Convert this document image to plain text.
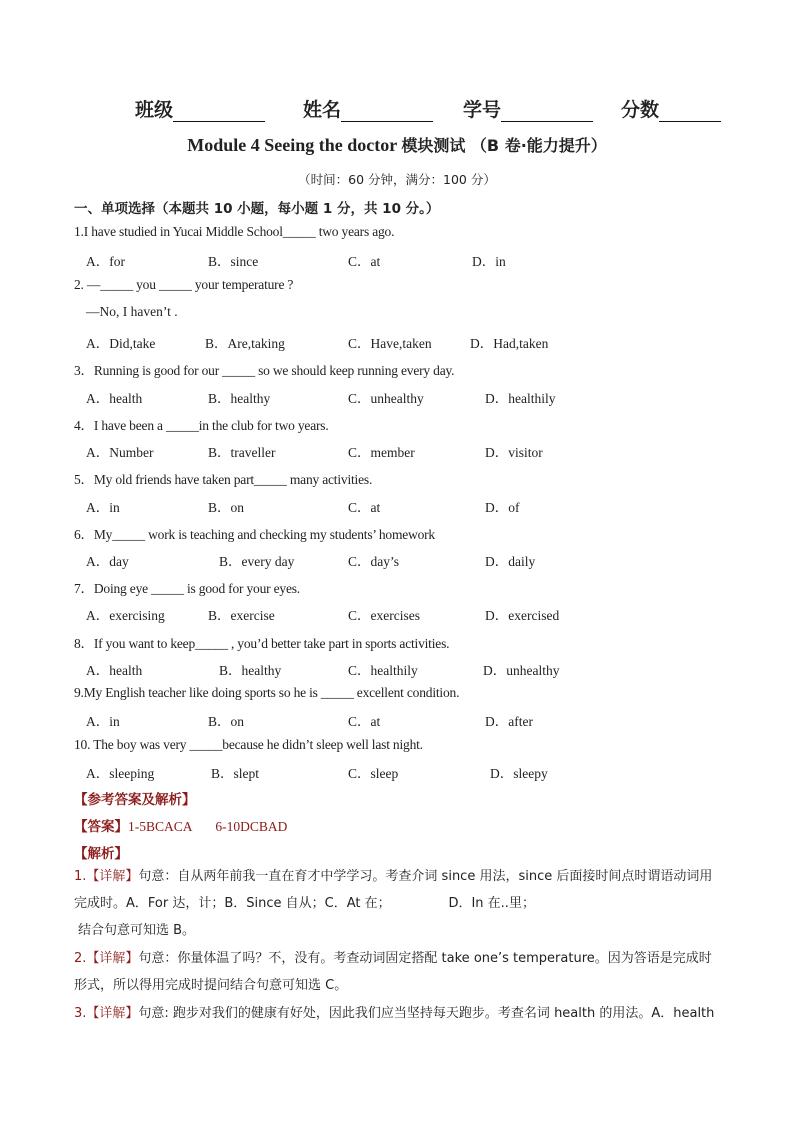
班级	姓名	学号	分数
Module 4 Seeing the doctor 模块测试 （B 卷·能力提升）
（时间：60 分钟，满分：100 分）
一、单项选择（本题共 10 小题，每小题 1 分，共 10 分。）
1.I have studied in Yucai Middle School_____ two years ago.
A．for	B．since	C．at	D．in
2. —_____ you _____ your temperature ?
—No, I haven’t .
A．Did,take	B．Are,taking	C．Have,taken	D．Had,taken
3．Running is good for our _____ so we should keep running every day.
A．health	B．healthy	C．unhealthy	D．healthily
4．I have been a _____in the club for two years.
A．Number	B．traveller	C．member	D．visitor
5．My old friends have taken part_____ many activities.
A．in	B．on	C．at	D．of
6．My_____ work is teaching and checking my students’ homework
A．day	B．every day	C．day’s	D．daily
7．Doing eye _____ is good for your eyes.
A．exercising	B．exercise	C．exercises	D．exercised
8．If you want to keep_____ , you’d better take part in sports activities.
A．health	B．healthy	C．healthily	D．unhealthy
9.My English teacher like doing sports so he is _____ excellent condition.
A．in	B．on	C．at	D．after
10. The boy was very _____because he didn’t sleep well last night.
A．sleeping	B．slept	C．sleep	D．sleepy
【参考答案及解析】
【答案】1-5BCACA       6-10DCBAD
【解析】
1.【详解】句意：自从两年前我一直在育才中学学习。考查介词 since 用法，since 后面接时间点时谓语动词用完成时。A．For 达，计；B．Since 自从；C．At 在；              D．In 在..里；
结合句意可知选 B。
2.【详解】句意：你量体温了吗？不，没有。考查动词固定搭配 take one’s temperature。因为答语是完成时形式，所以得用完成时提问结合句意可知选 C。
3.【详解】句意: 跑步对我们的健康有好处，因此我们应当坚持每天跑步。考查名词 health 的用法。A．health
